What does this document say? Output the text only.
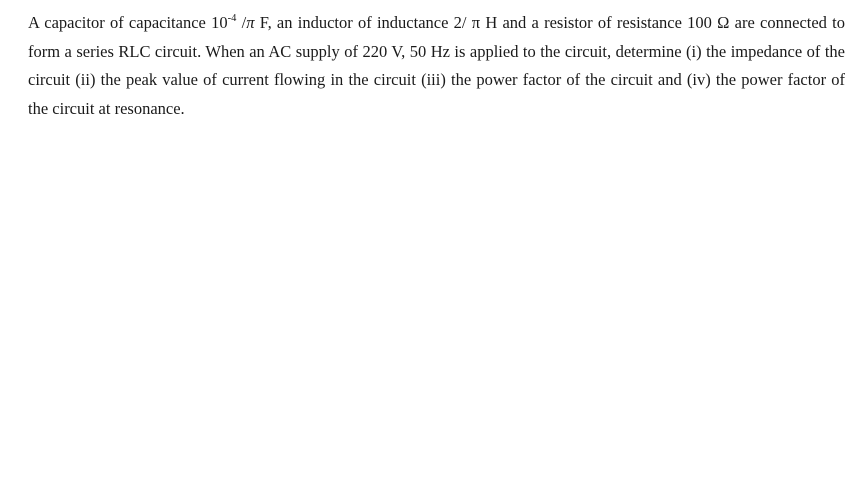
A capacitor of capacitance $10^{-4}$ /π F, an inductor of inductance 2/ π H and a resistor of resistance 100 Ω are connected to form a series RLC circuit. When an AC supply of 220 V, 50 Hz is applied to the circuit, determine (i) the impedance of the circuit (ii) the peak value of current flowing in the circuit (iii) the power factor of the circuit and (iv) the power factor of the circuit at resonance.
